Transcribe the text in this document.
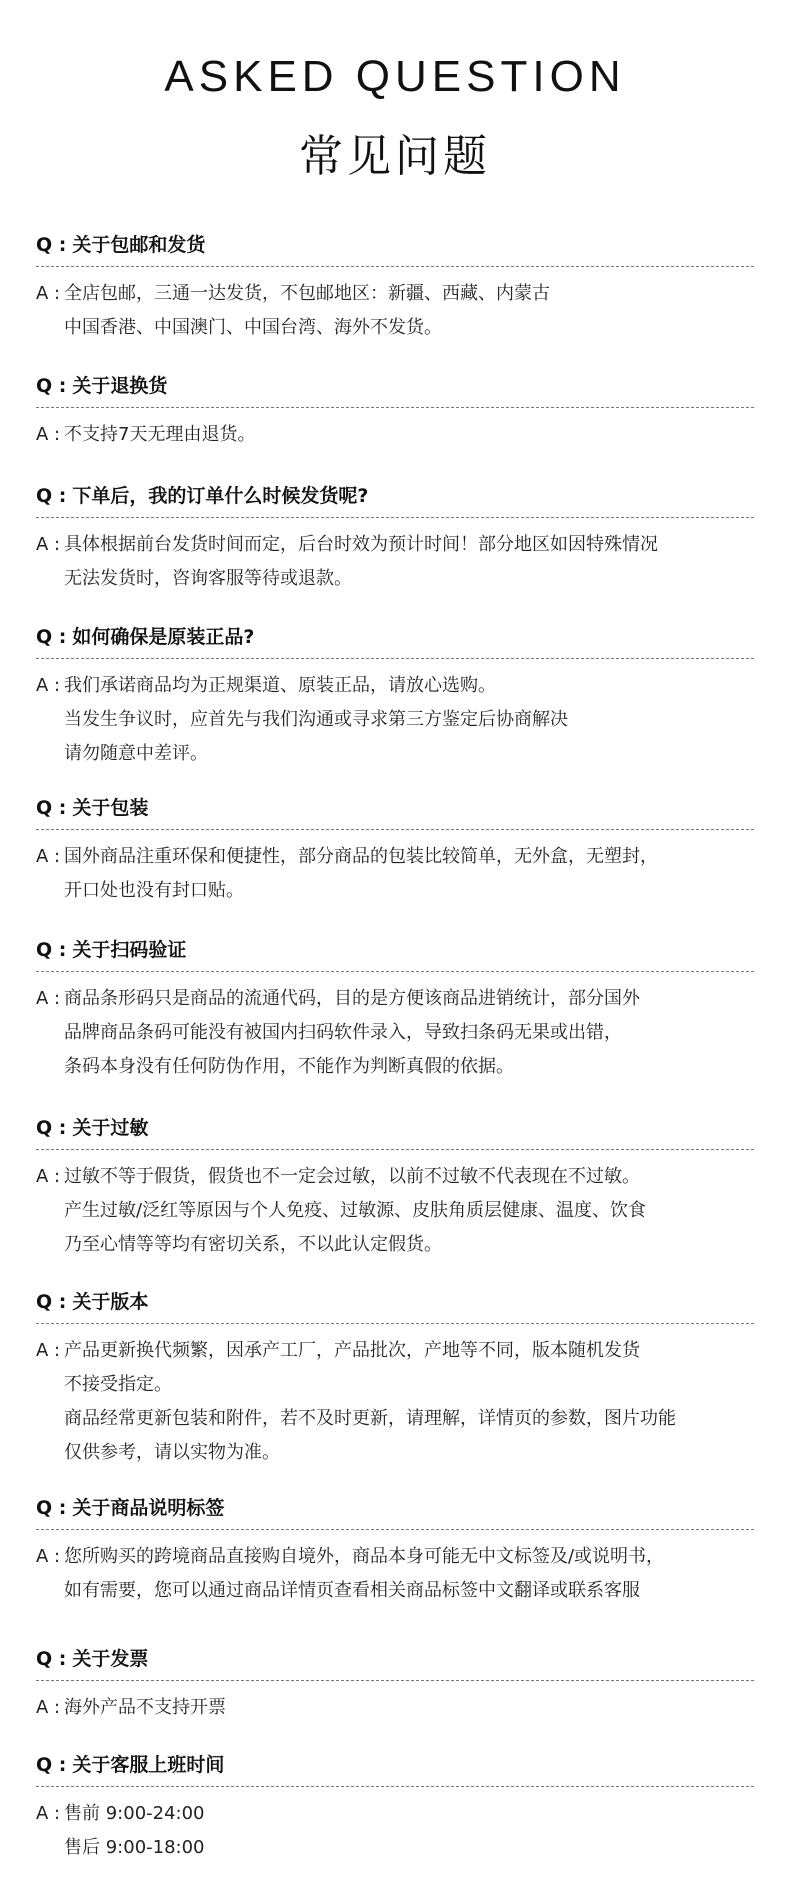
ASKED QUESTION
常见问题
Q : 关于包邮和发货
A : 全店包邮，三通一达发货，不包邮地区：新疆、西藏、内蒙古
中国香港、中国澳门、中国台湾、海外不发货。
Q : 关于退换货
A : 不支持7天无理由退货。
Q : 下单后，我的订单什么时候发货呢?
A : 具体根据前台发货时间而定，后台时效为预计时间！部分地区如因特殊情况
无法发货时，咨询客服等待或退款。
Q : 如何确保是原装正品?
A : 我们承诺商品均为正规渠道、原装正品，请放心选购。
当发生争议时，应首先与我们沟通或寻求第三方鉴定后协商解决
请勿随意中差评。
Q : 关于包装
A : 国外商品注重环保和便捷性，部分商品的包装比较简单，无外盒，无塑封，
开口处也没有封口贴。
Q : 关于扫码验证
A : 商品条形码只是商品的流通代码，目的是方便该商品进销统计，部分国外
品牌商品条码可能没有被国内扫码软件录入，导致扫条码无果或出错，
条码本身没有任何防伪作用，不能作为判断真假的依据。
Q : 关于过敏
A : 过敏不等于假货，假货也不一定会过敏，以前不过敏不代表现在不过敏。
产生过敏/泛红等原因与个人免疫、过敏源、皮肤角质层健康、温度、饮食
乃至心情等等均有密切关系，不以此认定假货。
Q : 关于版本
A : 产品更新换代频繁，因承产工厂，产品批次，产地等不同，版本随机发货
不接受指定。
商品经常更新包装和附件，若不及时更新，请理解，详情页的参数，图片功能
仅供参考，请以实物为准。
Q : 关于商品说明标签
A : 您所购买的跨境商品直接购自境外，商品本身可能无中文标签及/或说明书，
如有需要，您可以通过商品详情页查看相关商品标签中文翻译或联系客服
Q : 关于发票
A : 海外产品不支持开票
Q : 关于客服上班时间
A : 售前 9:00-24:00
售后 9:00-18:00
